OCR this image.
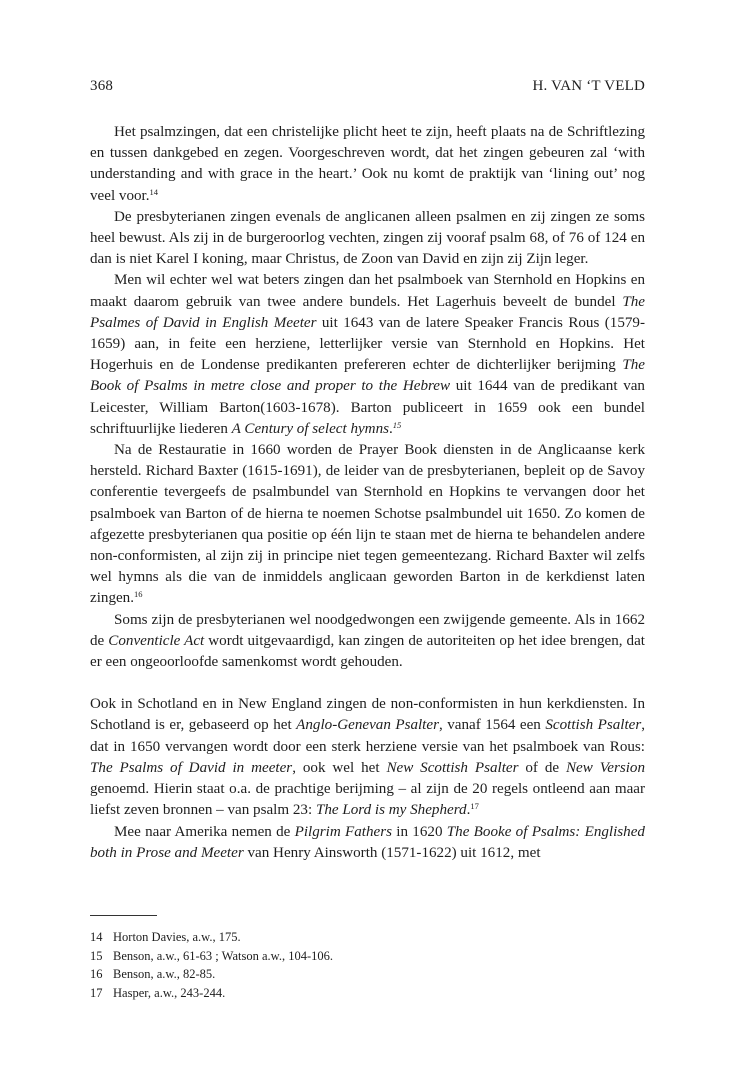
368	H. VAN ‘T VELD

Het psalmzingen, dat een christelijke plicht heet te zijn, heeft plaats na de Schriftlezing en tussen dankgebed en zegen. Voorgeschreven wordt, dat het zingen gebeuren zal ‘with understanding and with grace in the heart.’ Ook nu komt de praktijk van ‘lining out’ nog veel voor.$^{14}$

De presbyterianen zingen evenals de anglicanen alleen psalmen en zij zingen ze soms heel bewust. Als zij in de burgeroorlog vechten, zingen zij vooraf psalm 68, of 76 of 124 en dan is niet Karel I koning, maar Christus, de Zoon van David en zijn zij Zijn leger.

Men wil echter wel wat beters zingen dan het psalmboek van Sternhold en Hopkins en maakt daarom gebruik van twee andere bundels. Het Lagerhuis beveelt de bundel The Psalmes of David in English Meeter uit 1643 van de latere Speaker Francis Rous (1579-1659) aan, in feite een herziene, letterlijker versie van Sternhold en Hopkins. Het Hogerhuis en de Londense predikanten prefereren echter de dichterlijker berijming The Book of Psalms in metre close and proper to the Hebrew uit 1644 van de predikant van Leicester, William Barton(1603-1678). Barton publiceert in 1659 ook een bundel schriftuurlijke liederen A Century of select hymns.$^{15}$

Na de Restauratie in 1660 worden de Prayer Book diensten in de Anglicaanse kerk hersteld. Richard Baxter (1615-1691), de leider van de presbyterianen, bepleit op de Savoy conferentie tevergeefs de psalmbundel van Sternhold en Hopkins te vervangen door het psalmboek van Barton of de hierna te noemen Schotse psalmbundel uit 1650. Zo komen de afgezette presbyterianen qua positie op één lijn te staan met de hierna te behandelen andere non-conformisten, al zijn zij in principe niet tegen gemeentezang. Richard Baxter wil zelfs wel hymns als die van de inmiddels anglicaan geworden Barton in de kerkdienst laten zingen.$^{16}$

Soms zijn de presbyterianen wel noodgedwongen een zwijgende gemeente. Als in 1662 de Conventicle Act wordt uitgevaardigd, kan zingen de autoriteiten op het idee brengen, dat er een ongeoorloofde samenkomst wordt gehouden.

Ook in Schotland en in New England zingen de non-conformisten in hun kerkdiensten. In Schotland is er, gebaseerd op het Anglo-Genevan Psalter, vanaf 1564 een Scottish Psalter, dat in 1650 vervangen wordt door een sterk herziene versie van het psalmboek van Rous: The Psalms of David in meeter, ook wel het New Scottish Psalter of de New Version genoemd. Hierin staat o.a. de prachtige berijming – al zijn de 20 regels ontleend aan maar liefst zeven bronnen – van psalm 23: The Lord is my Shepherd.$^{17}$

Mee naar Amerika nemen de Pilgrim Fathers in 1620 The Booke of Psalms: Englished both in Prose and Meeter van Henry Ainsworth (1571-1622) uit 1612, met

14 Horton Davies, a.w., 175.
15 Benson, a.w., 61-63 ; Watson a.w., 104-106.
16 Benson, a.w., 82-85.
17 Hasper, a.w., 243-244.
